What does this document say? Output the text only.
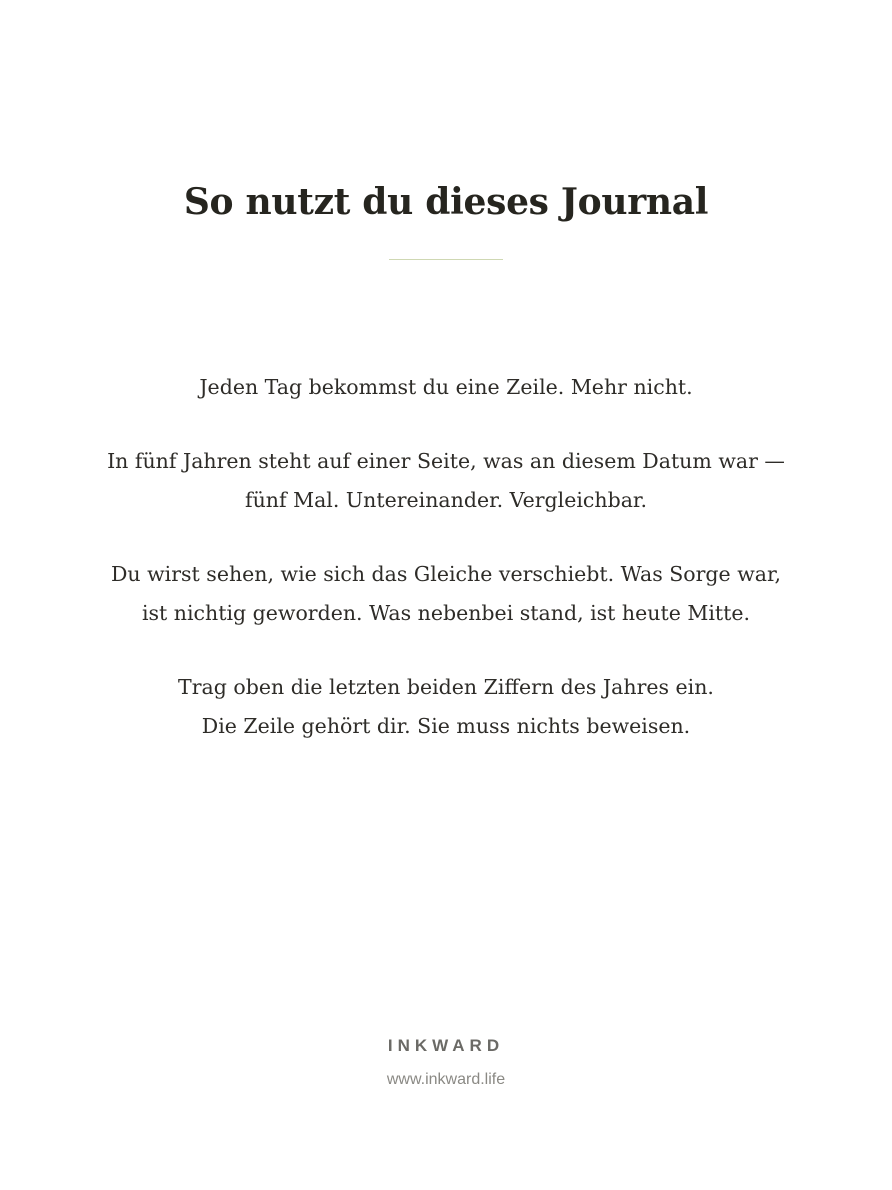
So nutzt du dieses Journal

Jeden Tag bekommst du eine Zeile. Mehr nicht.

In fünf Jahren steht auf einer Seite, was an diesem Datum war —
fünf Mal. Untereinander. Vergleichbar.

Du wirst sehen, wie sich das Gleiche verschiebt. Was Sorge war,
ist nichtig geworden. Was nebenbei stand, ist heute Mitte.

Trag oben die letzten beiden Ziffern des Jahres ein.
Die Zeile gehört dir. Sie muss nichts beweisen.

INKWARD

www.inkward.life
